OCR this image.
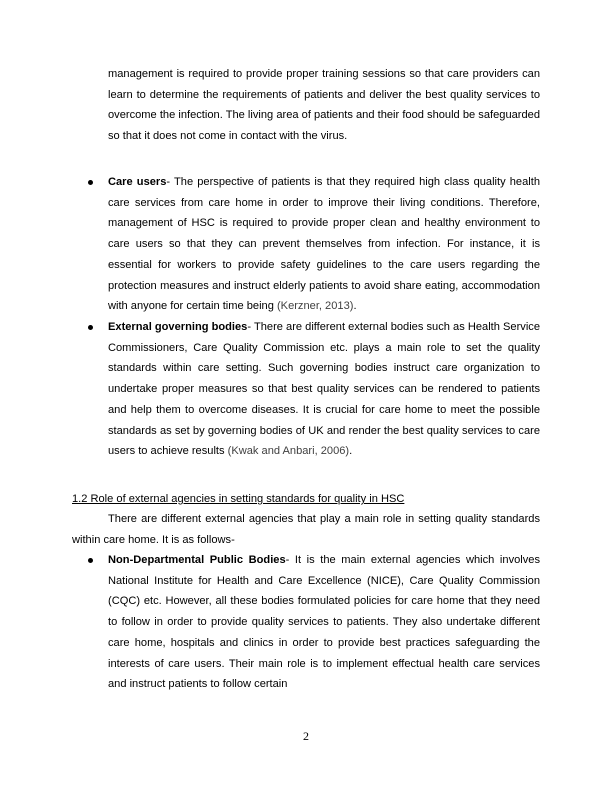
management is required to provide proper training sessions so that care providers can learn to determine the requirements of patients and deliver the best quality services to overcome the infection. The living area of patients and their food should be safeguarded so that it does not come in contact with the virus.

Care users- The perspective of patients is that they required high class quality health care services from care home in order to improve their living conditions. Therefore, management of HSC is required to provide proper clean and healthy environment to care users so that they can prevent themselves from infection. For instance, it is essential for workers to provide safety guidelines to the care users regarding the protection measures and instruct elderly patients to avoid share eating, accommodation with anyone for certain time being (Kerzner, 2013).

External governing bodies- There are different external bodies such as Health Service Commissioners, Care Quality Commission etc. plays a main role to set the quality standards within care setting. Such governing bodies instruct care organization to undertake proper measures so that best quality services can be rendered to patients and help them to overcome diseases. It is crucial for care home to meet the possible standards as set by governing bodies of UK and render the best quality services to care users to achieve results (Kwak and Anbari, 2006).

1.2 Role of external agencies in setting standards for quality in HSC

There are different external agencies that play a main role in setting quality standards within care home. It is as follows-

Non-Departmental Public Bodies- It is the main external agencies which involves National Institute for Health and Care Excellence (NICE), Care Quality Commission (CQC) etc. However, all these bodies formulated policies for care home that they need to follow in order to provide quality services to patients. They also undertake different care home, hospitals and clinics in order to provide best practices safeguarding the interests of care users. Their main role is to implement effectual health care services and instruct patients to follow certain

2
